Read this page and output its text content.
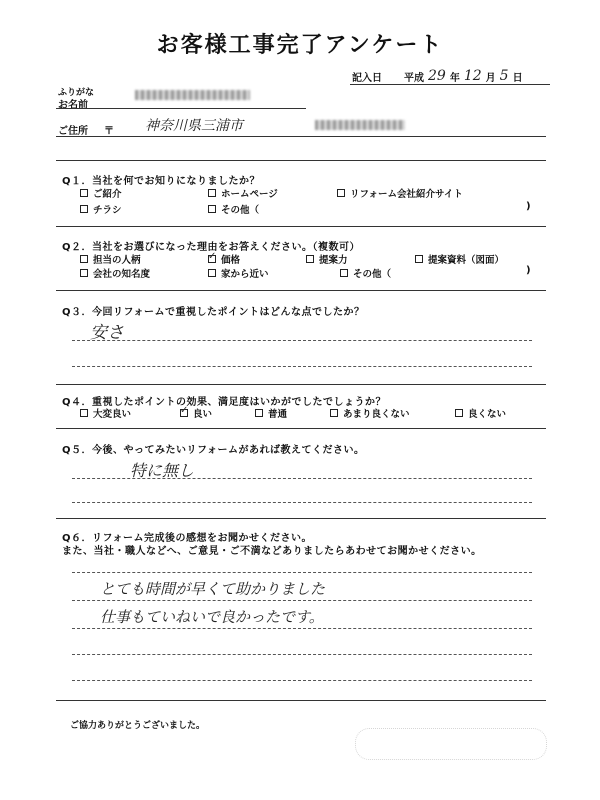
お客様工事完了アンケート
記入日 平成 29 年 12 月 5 日
ふりがな
お名前
ご住所 〒 神奈川県三浦市
Q１．当社を何でお知りになりましたか？
ご紹介	ホームページ	リフォーム会社紹介サイト
チラシ	その他（	)
Q２．当社をお選びになった理由をお答えください。（複数可）
担当の人柄 ✓	価格	提案力	提案資料（図面）
会社の知名度	家から近い	その他（	)
Q３．今回リフォームで重視したポイントはどんな点でしたか？
安さ
Q４．重視したポイントの効果、満足度はいかがでしたでしょうか？
大変良い ✓	良い	普通	あまり良くない	良くない
Q５．今後、やってみたいリフォームがあれば教えてください。
特に無し
Q６．リフォーム完成後の感想をお聞かせください。
また、当社・職人などへ、ご意見・ご不満などありましたらあわせてお聞かせください。
とても時間が早くて助かりました
仕事もていねいで良かったです。
ご協力ありがとうございました。
